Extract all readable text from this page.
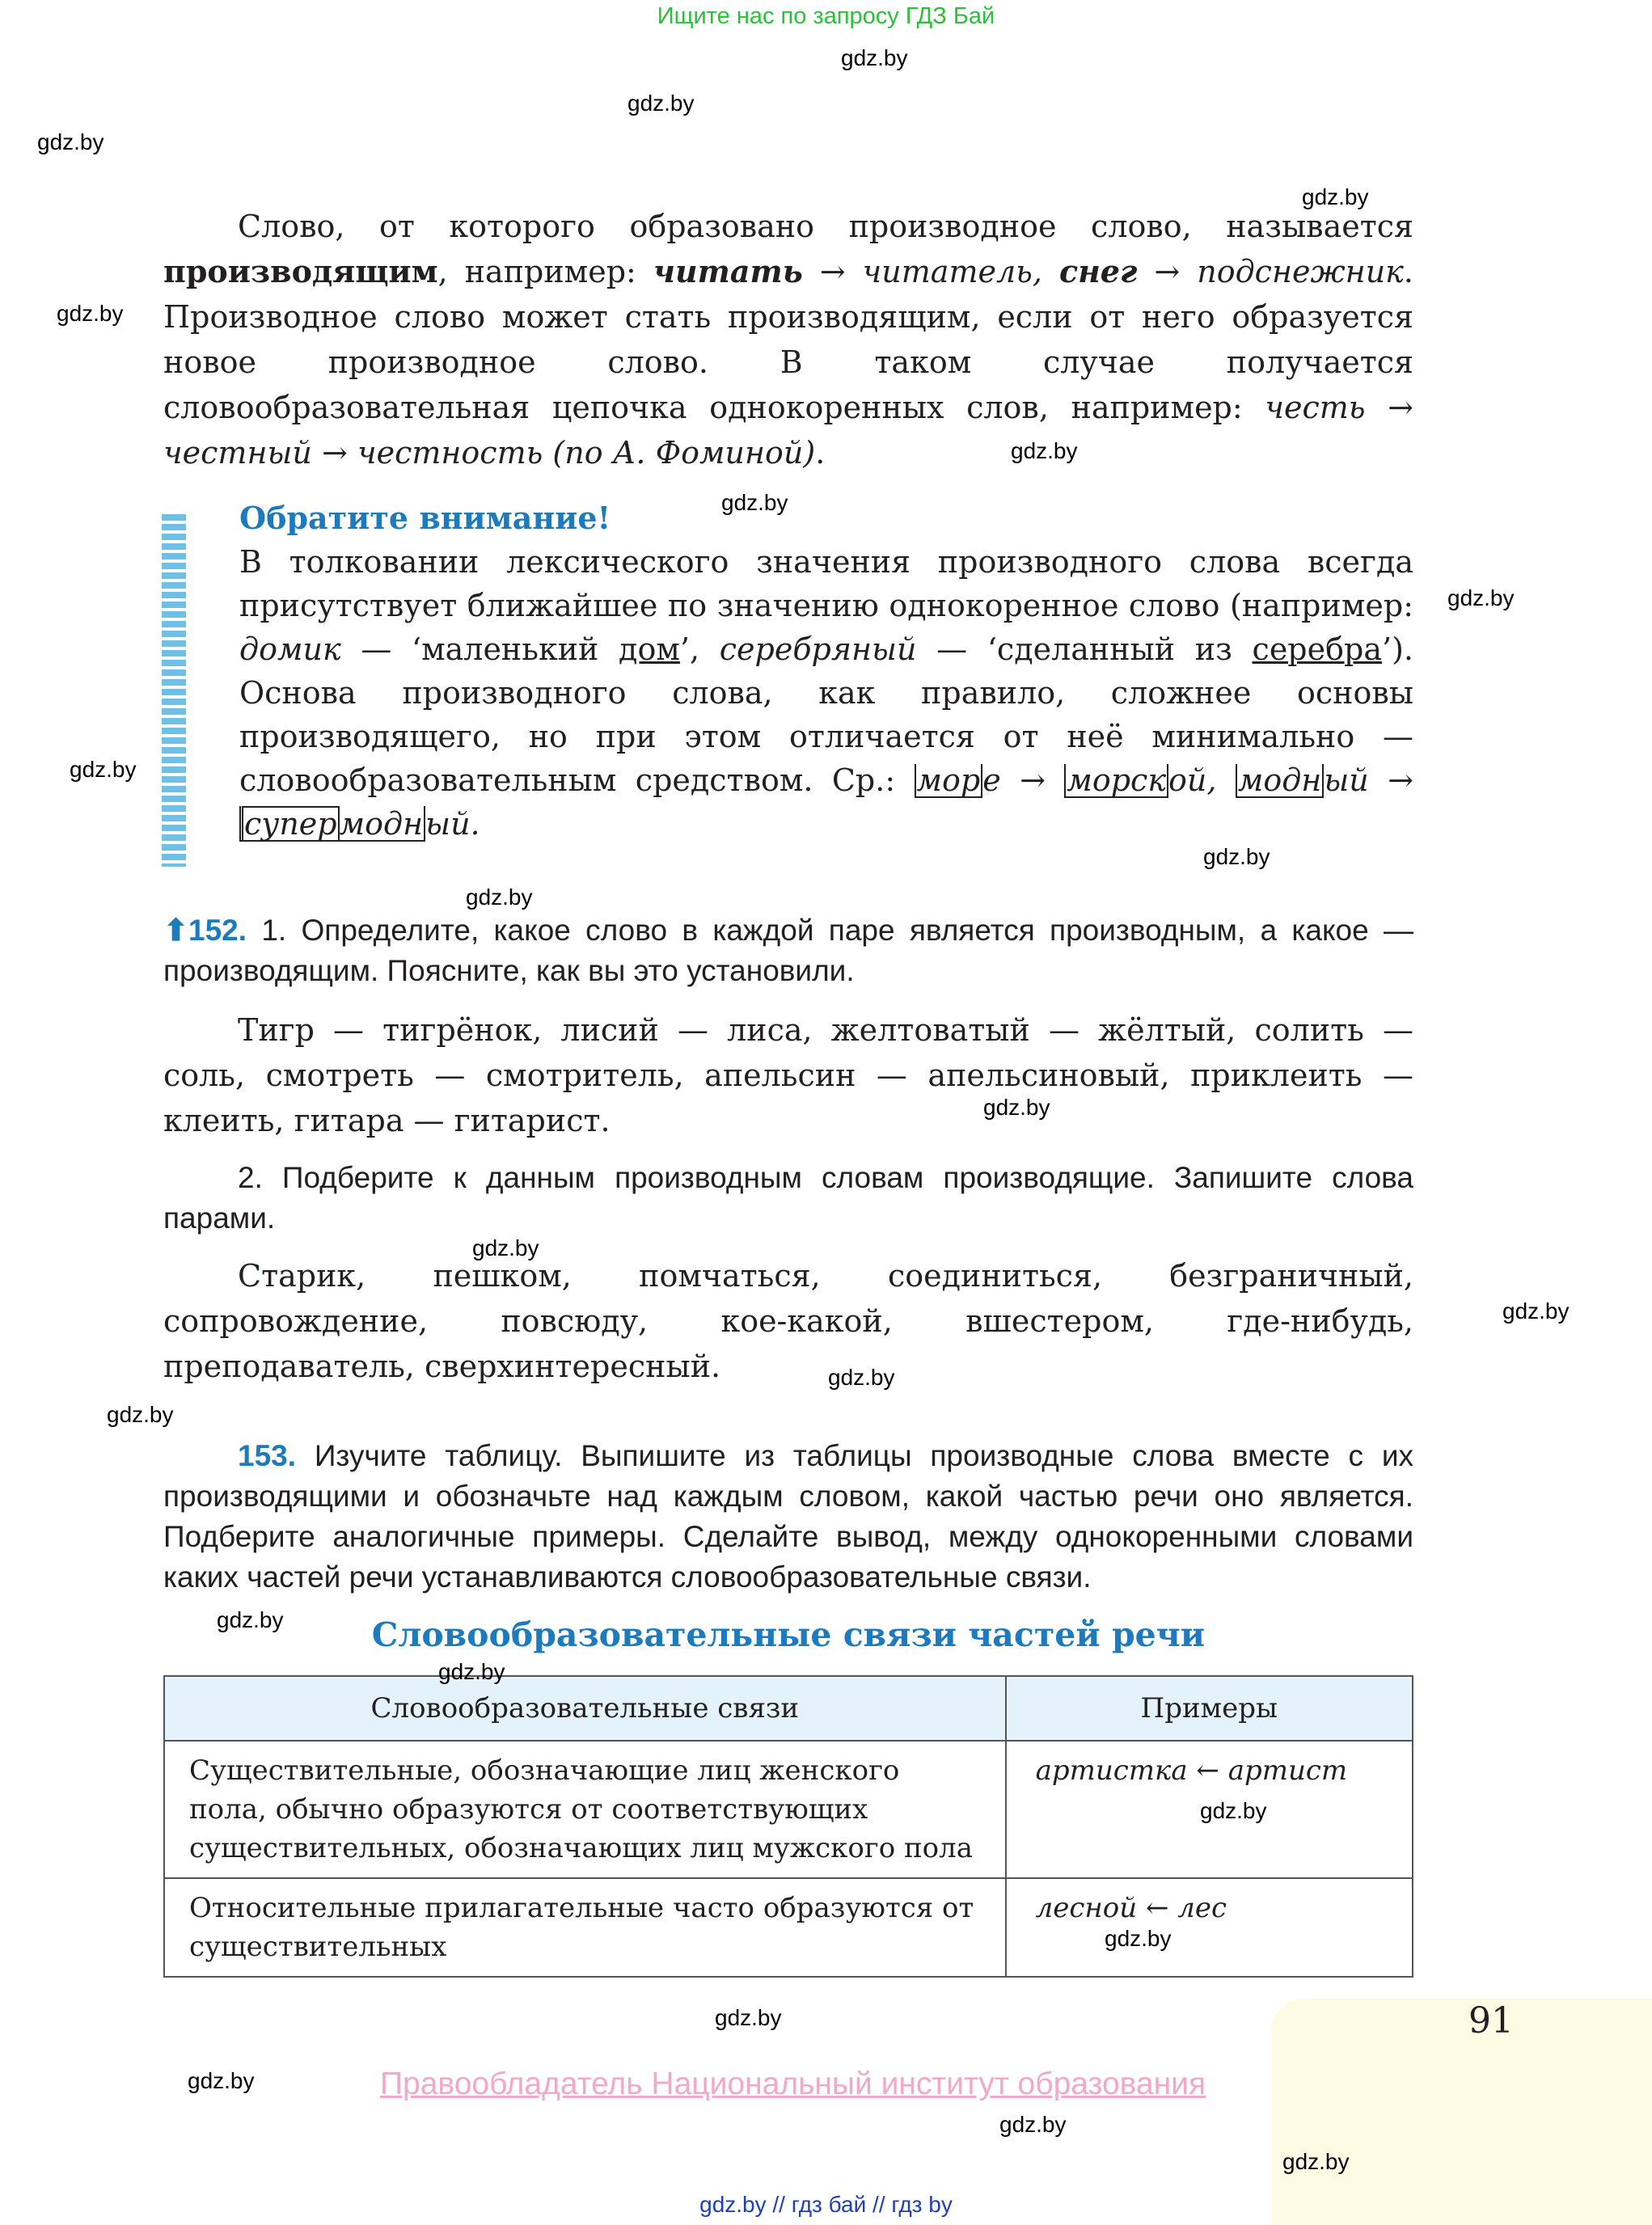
Ищите нас по запросу ГДЗ Бай
gdz.by
gdz.by
gdz.by
gdz.by
gdz.by
gdz.by
gdz.by
gdz.by
gdz.by
gdz.by
gdz.by
gdz.by
gdz.by
gdz.by
gdz.by
gdz.by
gdz.by
gdz.by
gdz.by
gdz.by
gdz.by
gdz.by
gdz.by
gdz.by

Слово, от которого образовано производное слово, называется производящим, например: читать → читатель, снег → подснежник. Производное слово может стать производящим, если от него образуется новое производное слово. В таком случае получается словообразовательная цепочка однокоренных слов, например: честь → честный → честность (по А. Фоминой).

Обратите внимание!

В толковании лексического значения производного слова всегда присутствует ближайшее по значению однокоренное слово (например: домик — ‘маленький дом’, серебряный — ‘сделанный из серебра’). Основа производного слова, как правило, сложнее основы производящего, но при этом отличается от неё минимально — словообразовательным средством. Ср.: море → морской, модный → супермодный.

⬆152. 1. Определите, какое слово в каждой паре является производным, а какое — производящим. Поясните, как вы это установили.

Тигр — тигрёнок, лисий — лиса, желтоватый — жёлтый, солить — соль, смотреть — смотритель, апельсин — апельсиновый, приклеить — клеить, гитара — гитарист.

2. Подберите к данным производным словам производящие. Запишите слова парами.

Старик, пешком, помчаться, соединиться, безграничный, сопровождение, повсюду, кое-какой, вшестером, где-нибудь, преподаватель, сверхинтересный.

153. Изучите таблицу. Выпишите из таблицы производные слова вместе с их производящими и обозначьте над каждым словом, какой частью речи оно является. Подберите аналогичные примеры. Сделайте вывод, между однокоренными словами каких частей речи устанавливаются словообразовательные связи.

Словообразовательные связи частей речи
Словообразовательные связи	Примеры
Существительные, обозначающие лиц женского пола, обычно образуются от соответствующих существительных, обозначающих лиц мужского пола	артистка ← артист
Относительные прилагательные часто образуются от существительных	лесной ← лес
91
Правообладатель Национальный институт образования
gdz.by // гдз бай // гдз by
